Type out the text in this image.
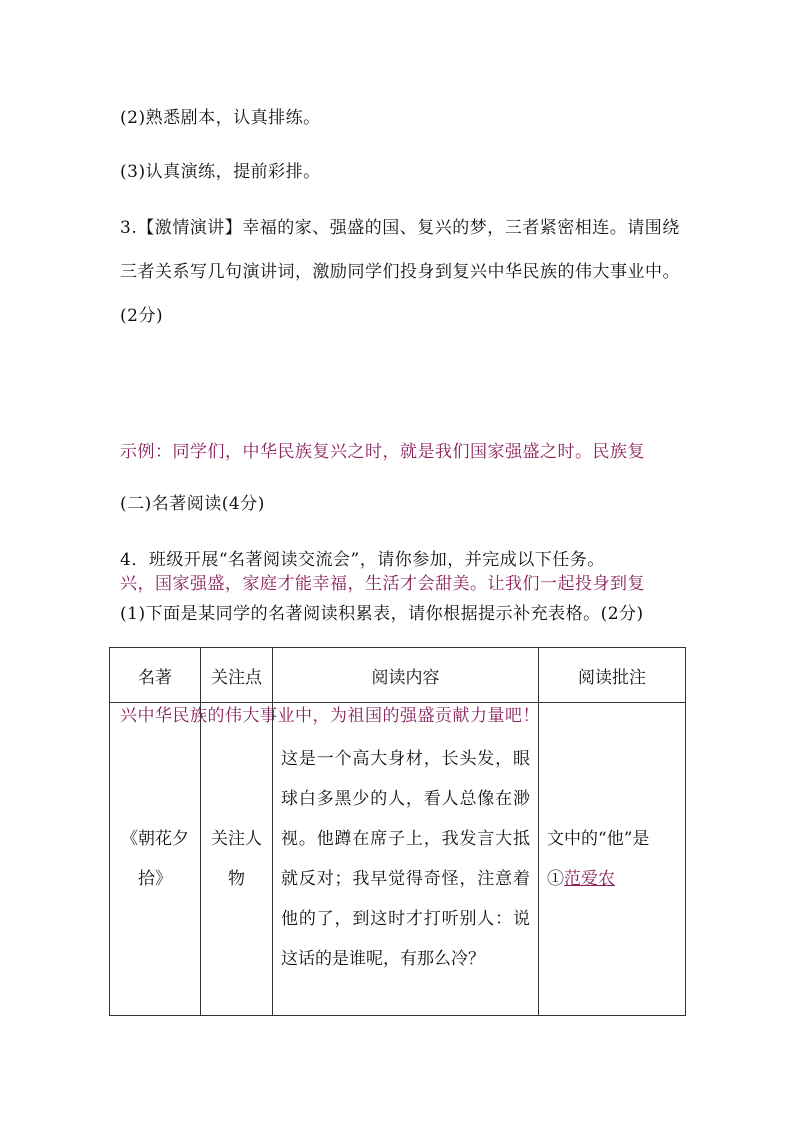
(2)熟悉剧本，认真排练。
(3)认真演练，提前彩排。
3.【激情演讲】幸福的家、强盛的国、复兴的梦，三者紧密相连。请围绕三者关系写几句演讲词，激励同学们投身到复兴中华民族的伟大事业中。(2分)

示例：同学们，中华民族复兴之时，就是我们国家强盛之时。民族复

兴，国家强盛，家庭才能幸福，生活才会甜美。让我们一起投身到复

兴中华民族的伟大事业中，为祖国的强盛贡献力量吧！

(二)名著阅读(4分)
4．班级开展“名著阅读交流会”，请你参加，并完成以下任务。
(1)下面是某同学的名著阅读积累表，请你根据提示补充表格。(2分)
名著	关注点	阅读内容	阅读批注
《朝花夕拾》	关注人物	这是一个高大身材，长头发，眼球白多黑少的人，看人总像在渺视。他蹲在席子上，我发言大抵就反对；我早觉得奇怪，注意着他的了，到这时才打听别人：说这话的是谁呢，有那么冷？	文中的“他”是
①范爱农
